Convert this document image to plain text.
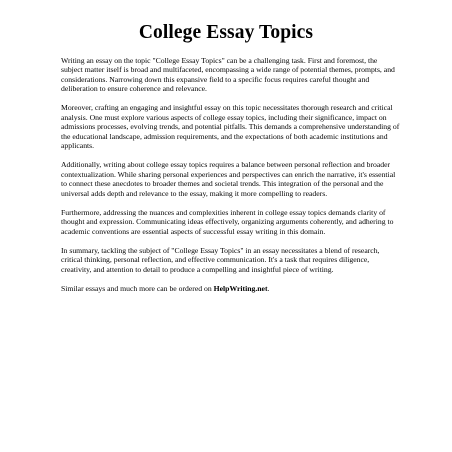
College Essay Topics

Writing an essay on the topic "College Essay Topics" can be a challenging task. First and foremost, the subject matter itself is broad and multifaceted, encompassing a wide range of potential themes, prompts, and considerations. Narrowing down this expansive field to a specific focus requires careful thought and deliberation to ensure coherence and relevance.

Moreover, crafting an engaging and insightful essay on this topic necessitates thorough research and critical analysis. One must explore various aspects of college essay topics, including their significance, impact on admissions processes, evolving trends, and potential pitfalls. This demands a comprehensive understanding of the educational landscape, admission requirements, and the expectations of both academic institutions and applicants.

Additionally, writing about college essay topics requires a balance between personal reflection and broader contextualization. While sharing personal experiences and perspectives can enrich the narrative, it's essential to connect these anecdotes to broader themes and societal trends. This integration of the personal and the universal adds depth and relevance to the essay, making it more compelling to readers.

Furthermore, addressing the nuances and complexities inherent in college essay topics demands clarity of thought and expression. Communicating ideas effectively, organizing arguments coherently, and adhering to academic conventions are essential aspects of successful essay writing in this domain.

In summary, tackling the subject of "College Essay Topics" in an essay necessitates a blend of research, critical thinking, personal reflection, and effective communication. It's a task that requires diligence, creativity, and attention to detail to produce a compelling and insightful piece of writing.

Similar essays and much more can be ordered on HelpWriting.net.
